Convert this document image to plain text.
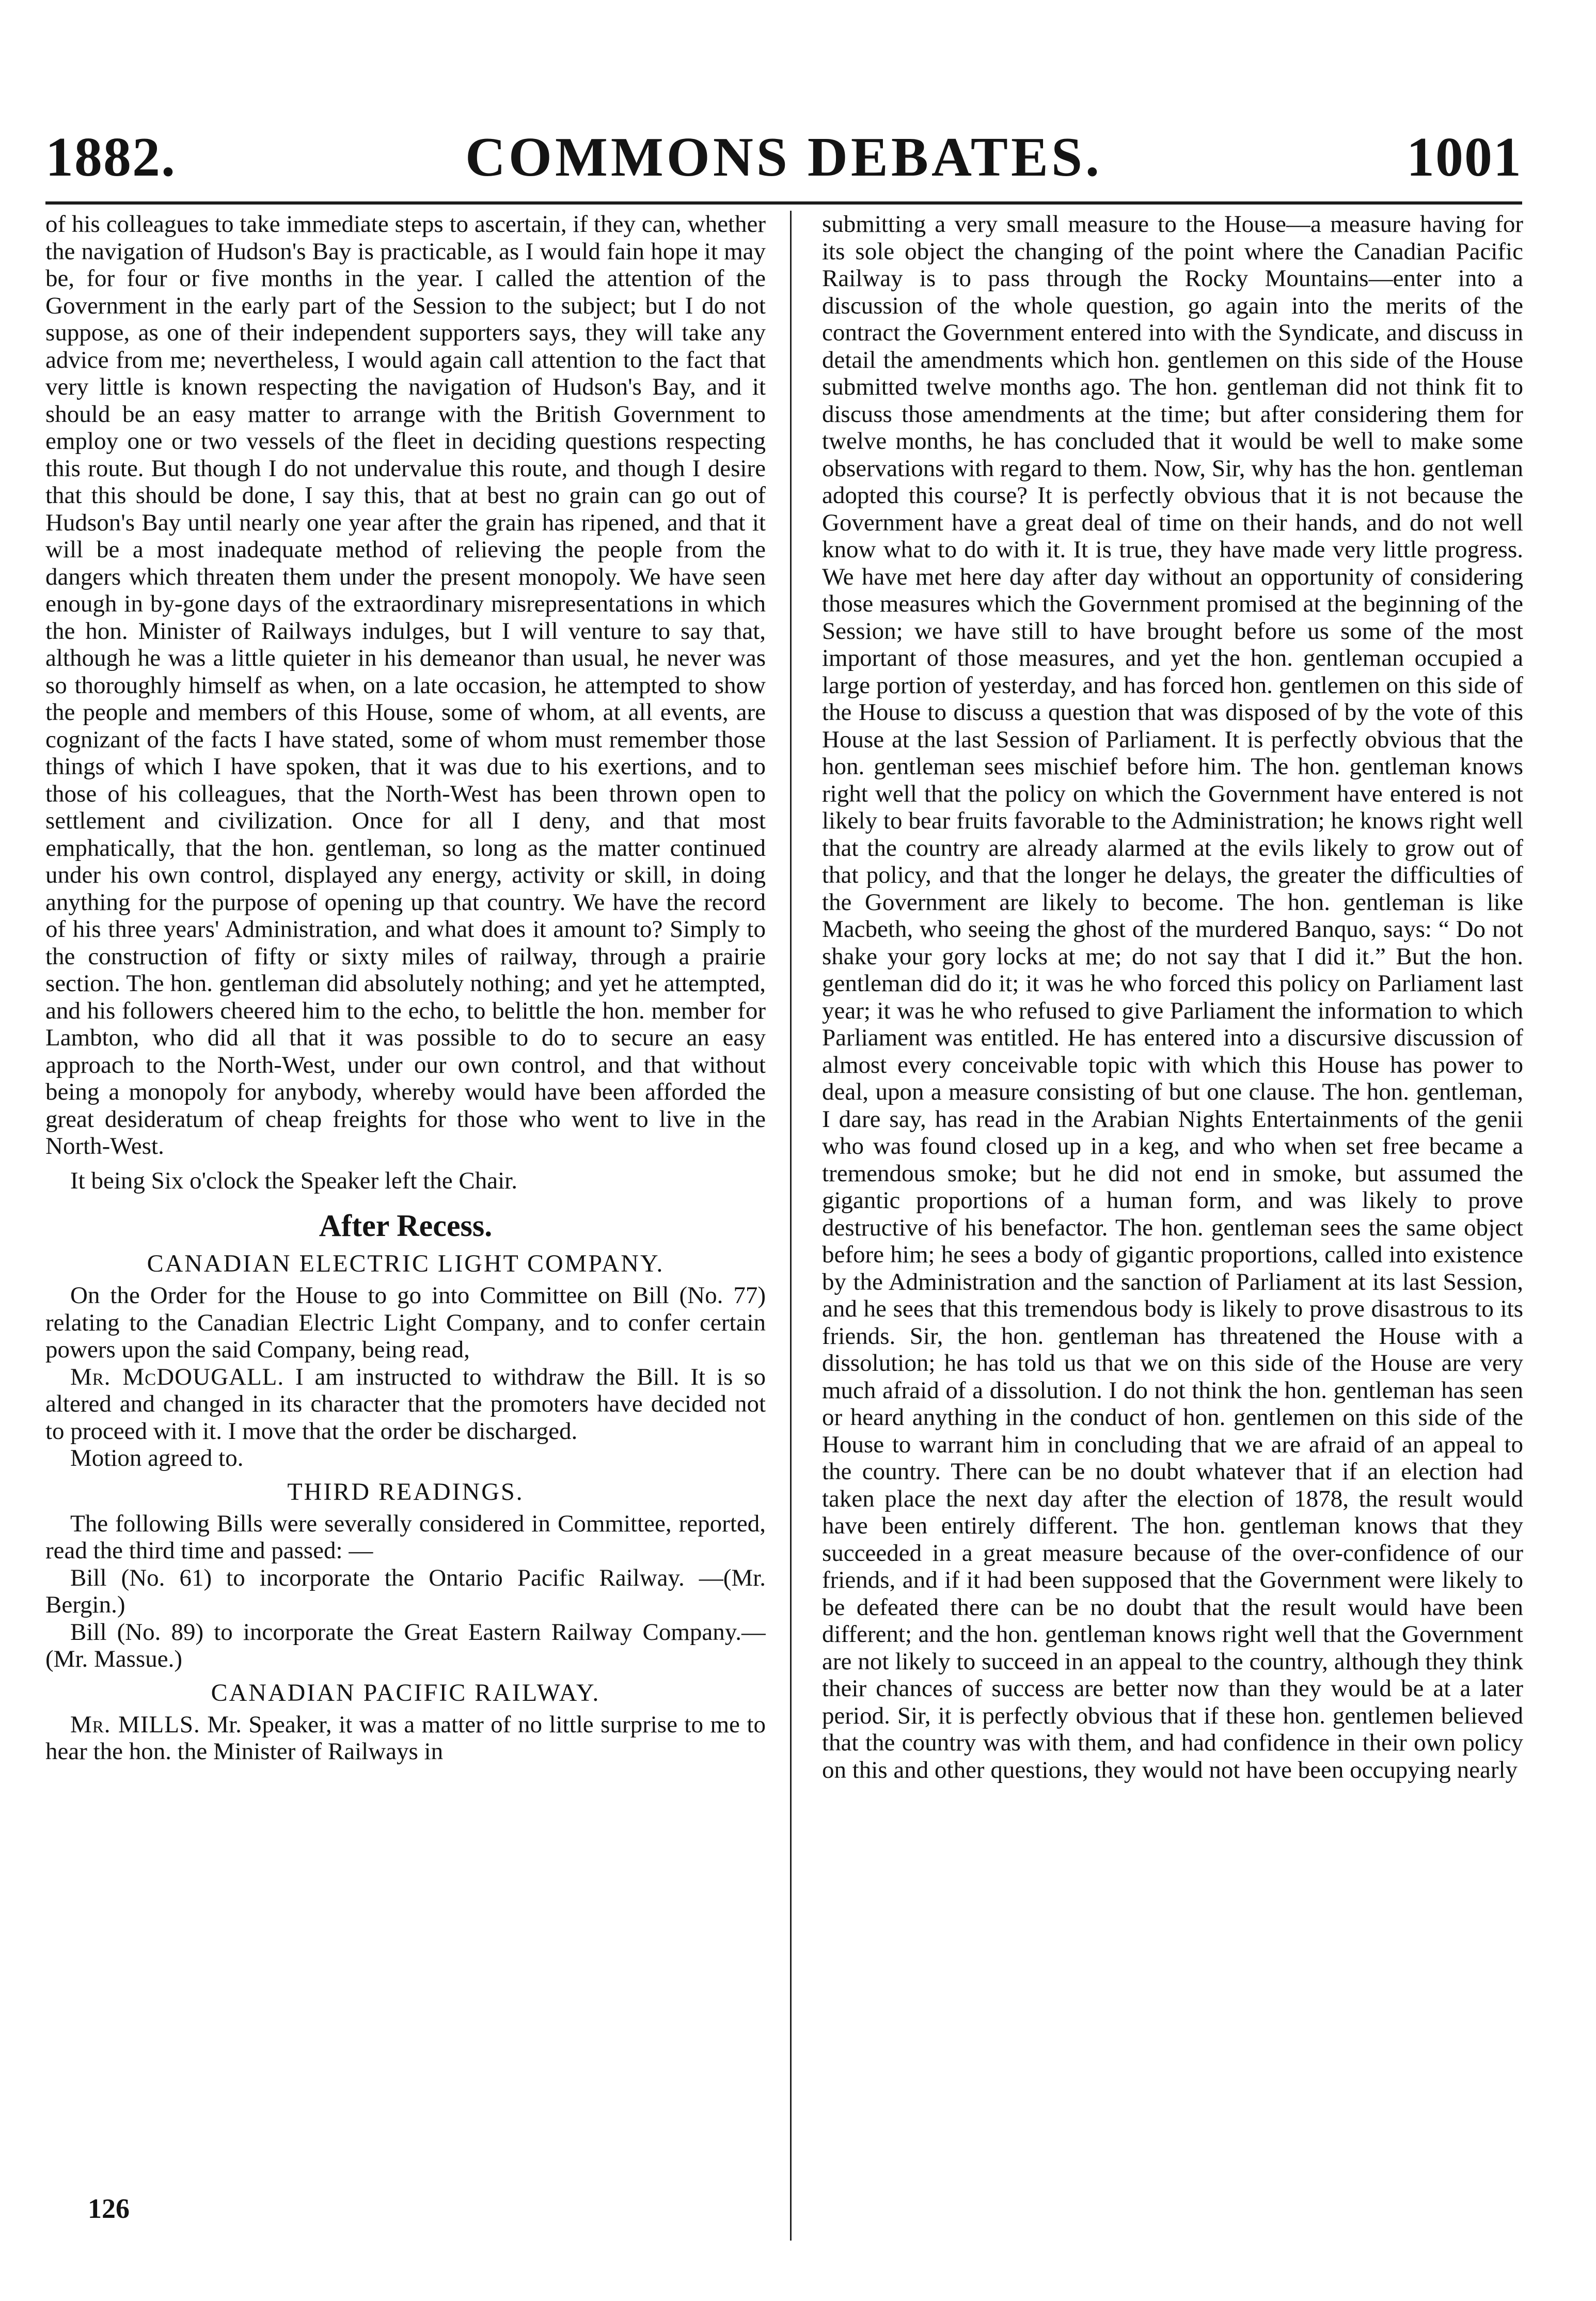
COMMONS DEBATES.
1882.	1001

of his colleagues to take immediate steps to ascertain, if they can, whether the navigation of Hudson's Bay is practicable, as I would fain hope it may be, for four or five months in the year. I called the attention of the Government in the early part of the Session to the subject; but I do not suppose, as one of their independent supporters says, they will take any advice from me; nevertheless, I would again call attention to the fact that very little is known respecting the navigation of Hudson's Bay, and it should be an easy matter to arrange with the British Government to employ one or two vessels of the fleet in deciding questions respecting this route. But though I do not undervalue this route, and though I desire that this should be done, I say this, that at best no grain can go out of Hudson's Bay until nearly one year after the grain has ripened, and that it will be a most inadequate method of relieving the people from the dangers which threaten them under the present monopoly. We have seen enough in by-gone days of the extraordinary misrepresentations in which the hon. Minister of Railways indulges, but I will venture to say that, although he was a little quieter in his demeanor than usual, he never was so thoroughly himself as when, on a late occasion, he attempted to show the people and members of this House, some of whom, at all events, are cognizant of the facts I have stated, some of whom must remember those things of which I have spoken, that it was due to his exertions, and to those of his colleagues, that the North-West has been thrown open to settlement and civilization. Once for all I deny, and that most emphatically, that the hon. gentleman, so long as the matter continued under his own control, displayed any energy, activity or skill, in doing anything for the purpose of opening up that country. We have the record of his three years' Administration, and what does it amount to? Simply to the construction of fifty or sixty miles of railway, through a prairie section. The hon. gentleman did absolutely nothing; and yet he attempted, and his followers cheered him to the echo, to belittle the hon. member for Lambton, who did all that it was possible to do to secure an easy approach to the North-West, under our own control, and that without being a monopoly for anybody, whereby would have been afforded the great desideratum of cheap freights for those who went to live in the North-West.

It being Six o'clock the Speaker left the Chair.

After Recess.
CANADIAN ELECTRIC LIGHT COMPANY.

On the Order for the House to go into Committee on Bill (No. 77) relating to the Canadian Electric Light Company, and to confer certain powers upon the said Company, being read,

Mr. McDOUGALL. I am instructed to withdraw the Bill. It is so altered and changed in its character that the promoters have decided not to proceed with it. I move that the order be discharged.

Motion agreed to.

THIRD READINGS.

The following Bills were severally considered in Committee, reported, read the third time and passed: —

Bill (No. 61) to incorporate the Ontario Pacific Railway. —(Mr. Bergin.)

Bill (No. 89) to incorporate the Great Eastern Railway Company.—(Mr. Massue.)

CANADIAN PACIFIC RAILWAY.

Mr. MILLS. Mr. Speaker, it was a matter of no little surprise to me to hear the hon. the Minister of Railways in

submitting a very small measure to the House—a measure having for its sole object the changing of the point where the Canadian Pacific Railway is to pass through the Rocky Mountains—enter into a discussion of the whole question, go again into the merits of the contract the Government entered into with the Syndicate, and discuss in detail the amendments which hon. gentlemen on this side of the House submitted twelve months ago. The hon. gentleman did not think fit to discuss those amendments at the time; but after considering them for twelve months, he has concluded that it would be well to make some observations with regard to them. Now, Sir, why has the hon. gentleman adopted this course? It is perfectly obvious that it is not because the Government have a great deal of time on their hands, and do not well know what to do with it. It is true, they have made very little progress. We have met here day after day without an opportunity of considering those measures which the Government promised at the beginning of the Session; we have still to have brought before us some of the most important of those measures, and yet the hon. gentleman occupied a large portion of yesterday, and has forced hon. gentlemen on this side of the House to discuss a question that was disposed of by the vote of this House at the last Session of Parliament. It is perfectly obvious that the hon. gentleman sees mischief before him. The hon. gentleman knows right well that the policy on which the Government have entered is not likely to bear fruits favorable to the Administration; he knows right well that the country are already alarmed at the evils likely to grow out of that policy, and that the longer he delays, the greater the difficulties of the Government are likely to become. The hon. gentleman is like Macbeth, who seeing the ghost of the murdered Banquo, says: “ Do not shake your gory locks at me; do not say that I did it.” But the hon. gentleman did do it; it was he who forced this policy on Parliament last year; it was he who refused to give Parliament the information to which Parliament was entitled. He has entered into a discursive discussion of almost every conceivable topic with which this House has power to deal, upon a measure consisting of but one clause. The hon. gentleman, I dare say, has read in the Arabian Nights Entertainments of the genii who was found closed up in a keg, and who when set free became a tremendous smoke; but he did not end in smoke, but assumed the gigantic proportions of a human form, and was likely to prove destructive of his benefactor. The hon. gentleman sees the same object before him; he sees a body of gigantic proportions, called into existence by the Administration and the sanction of Parliament at its last Session, and he sees that this tremendous body is likely to prove disastrous to its friends. Sir, the hon. gentleman has threatened the House with a dissolution; he has told us that we on this side of the House are very much afraid of a dissolution. I do not think the hon. gentleman has seen or heard anything in the conduct of hon. gentlemen on this side of the House to warrant him in concluding that we are afraid of an appeal to the country. There can be no doubt whatever that if an election had taken place the next day after the election of 1878, the result would have been entirely different. The hon. gentleman knows that they succeeded in a great measure because of the over-confidence of our friends, and if it had been supposed that the Government were likely to be defeated there can be no doubt that the result would have been different; and the hon. gentleman knows right well that the Government are not likely to succeed in an appeal to the country, although they think their chances of success are better now than they would be at a later period. Sir, it is perfectly obvious that if these hon. gentlemen believed that the country was with them, and had confidence in their own policy on this and other questions, they would not have been occupying nearly

126
